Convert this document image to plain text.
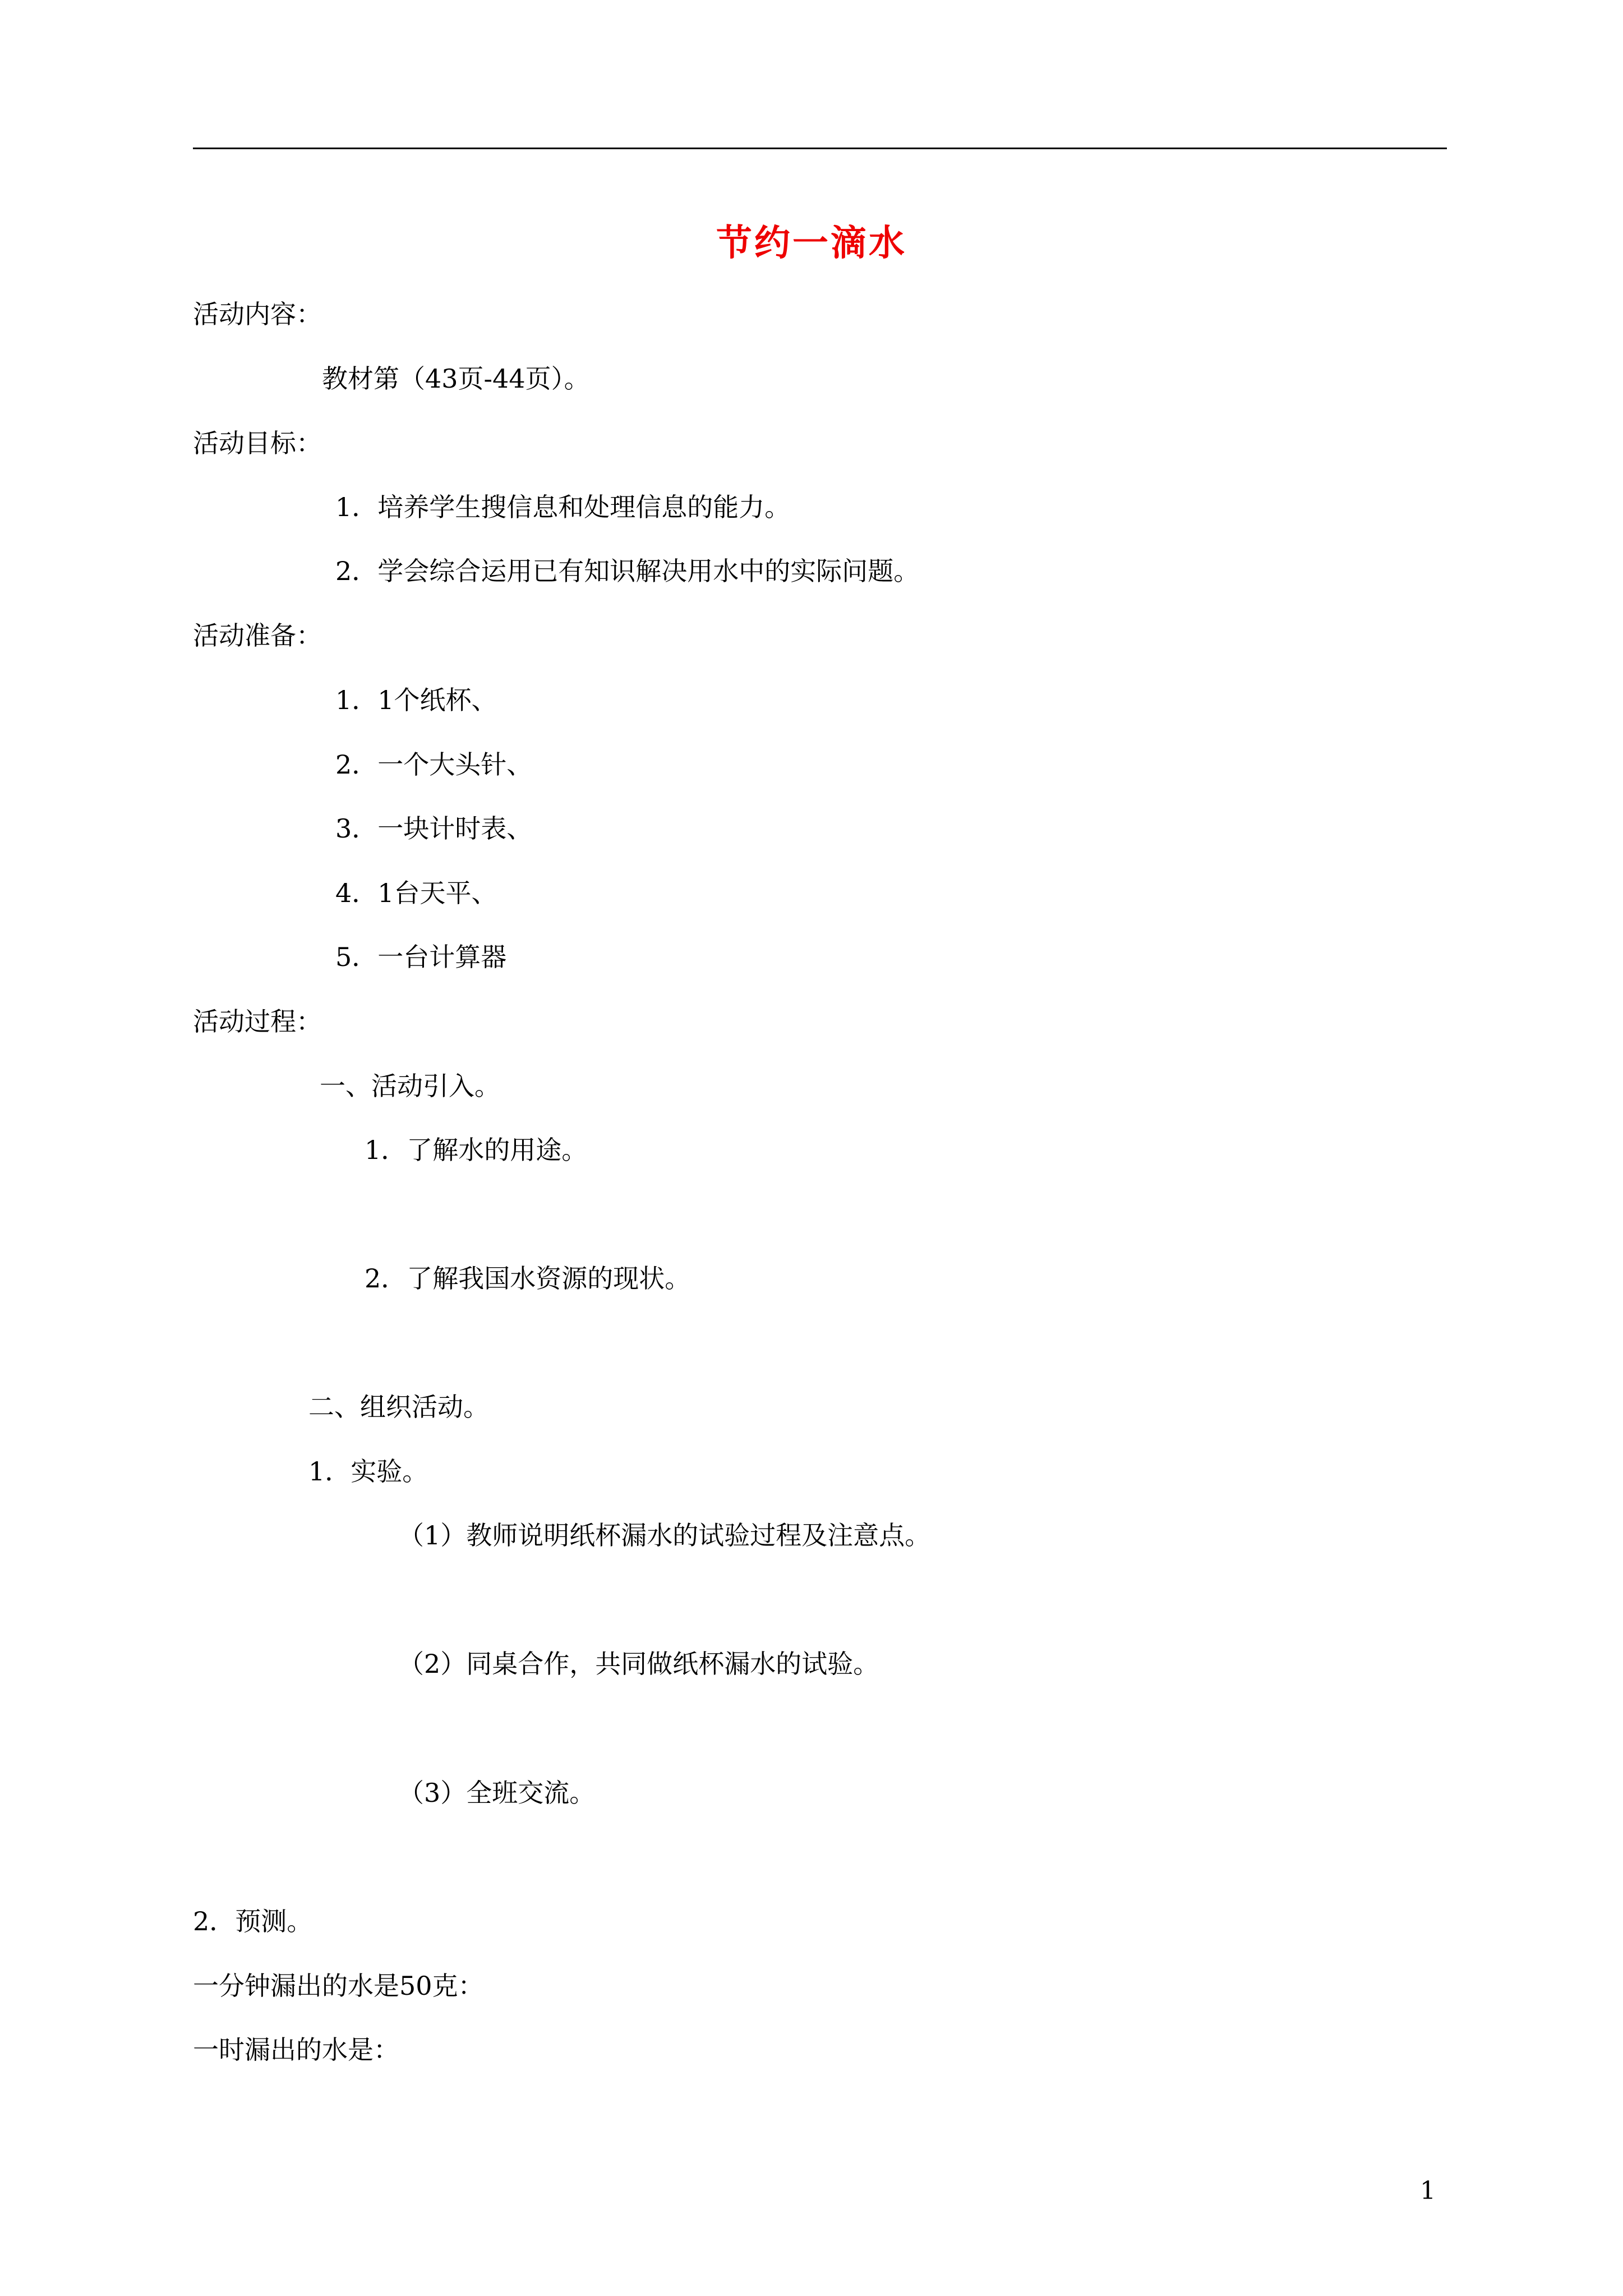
节约一滴水
活动内容：
教材第（43页-44页）。
活动目标：
1．培养学生搜信息和处理信息的能力。
2．学会综合运用已有知识解决用水中的实际问题。
活动准备：
1．1个纸杯、
2．一个大头针、
3．一块计时表、
4．1台天平、
5．一台计算器
活动过程：
一、活动引入。
1．了解水的用途。
2．了解我国水资源的现状。
二、组织活动。
1．实验。
（1）教师说明纸杯漏水的试验过程及注意点。
（2）同桌合作，共同做纸杯漏水的试验。
（3）全班交流。
2．预测。
一分钟漏出的水是50克：
一时漏出的水是：
1
